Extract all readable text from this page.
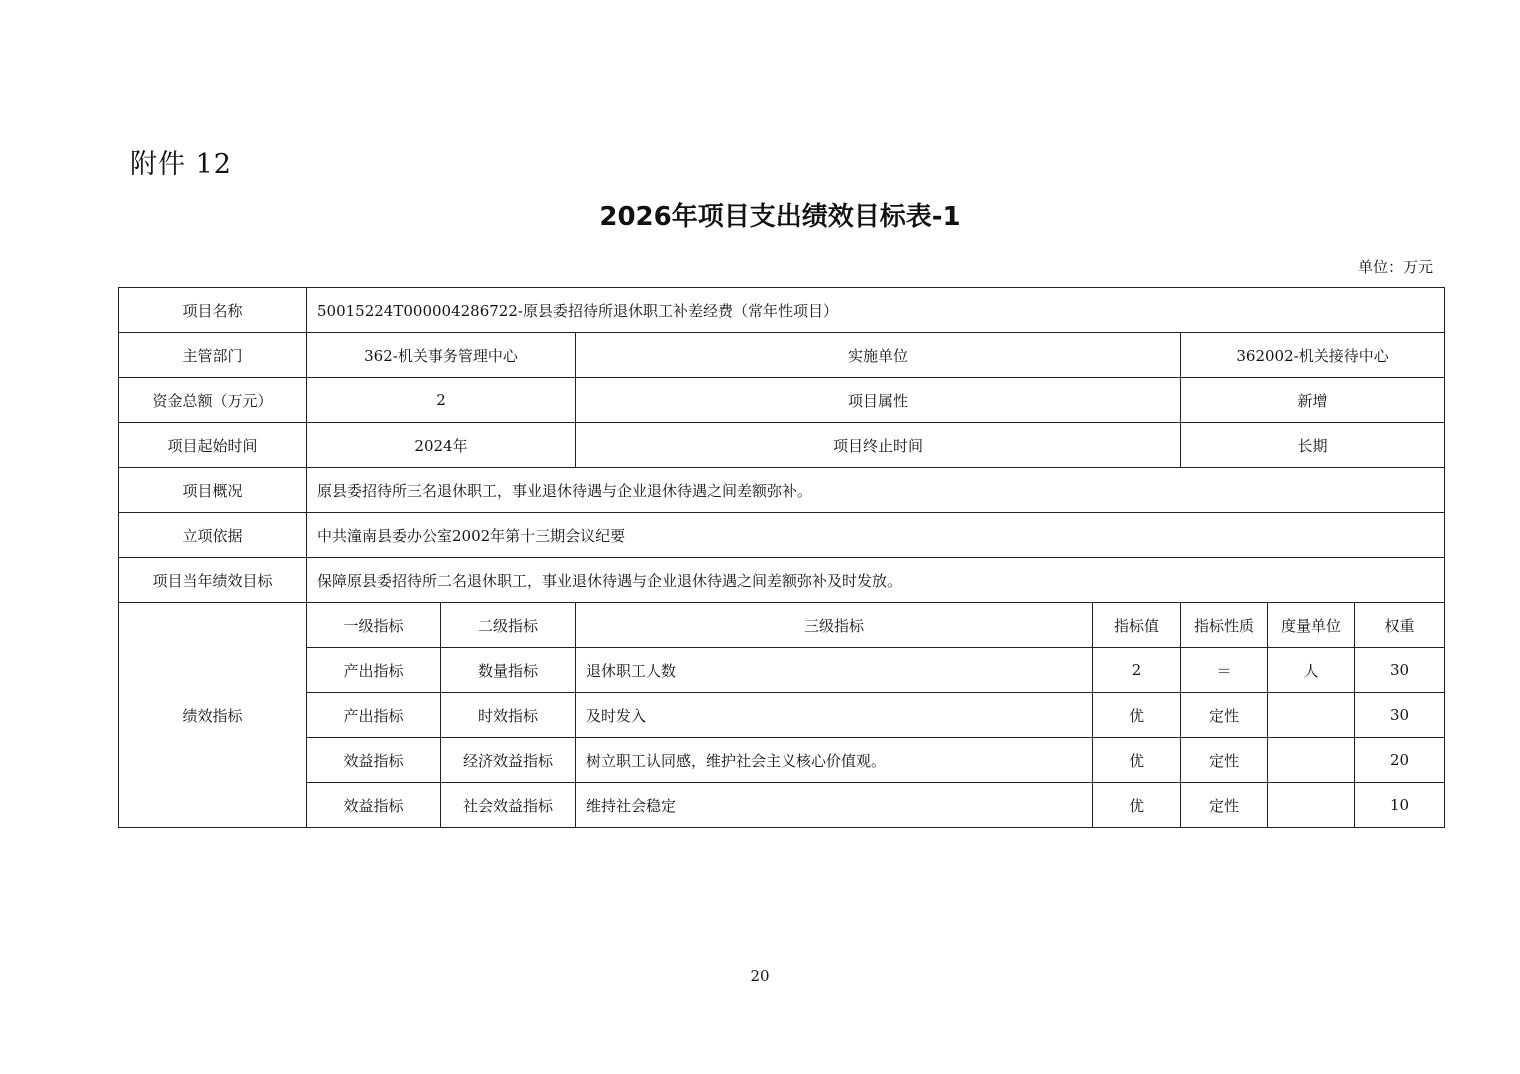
附件 12
2026年项目支出绩效目标表-1
单位：万元
项目名称	50015224T000004286722-原县委招待所退休职工补差经费（常年性项目）						
主管部门	362-机关事务管理中心		实施单位		362002-机关接待中心		
资金总额（万元）	2		项目属性		新增		
项目起始时间	2024年		项目终止时间		长期		
项目概况	原县委招待所三名退休职工，事业退休待遇与企业退休待遇之间差额弥补。						
立项依据	中共潼南县委办公室2002年第十三期会议纪要						
项目当年绩效目标	保障原县委招待所二名退休职工，事业退休待遇与企业退休待遇之间差额弥补及时发放。						
绩效指标	一级指标	二级指标	三级指标	指标值	指标性质	度量单位	权重
	产出指标	数量指标	退休职工人数	2	＝	人	30
	产出指标	时效指标	及时发入	优	定性		30
	效益指标	经济效益指标	树立职工认同感，维护社会主义核心价值观。	优	定性		20
	效益指标	社会效益指标	维持社会稳定	优	定性		10
20
